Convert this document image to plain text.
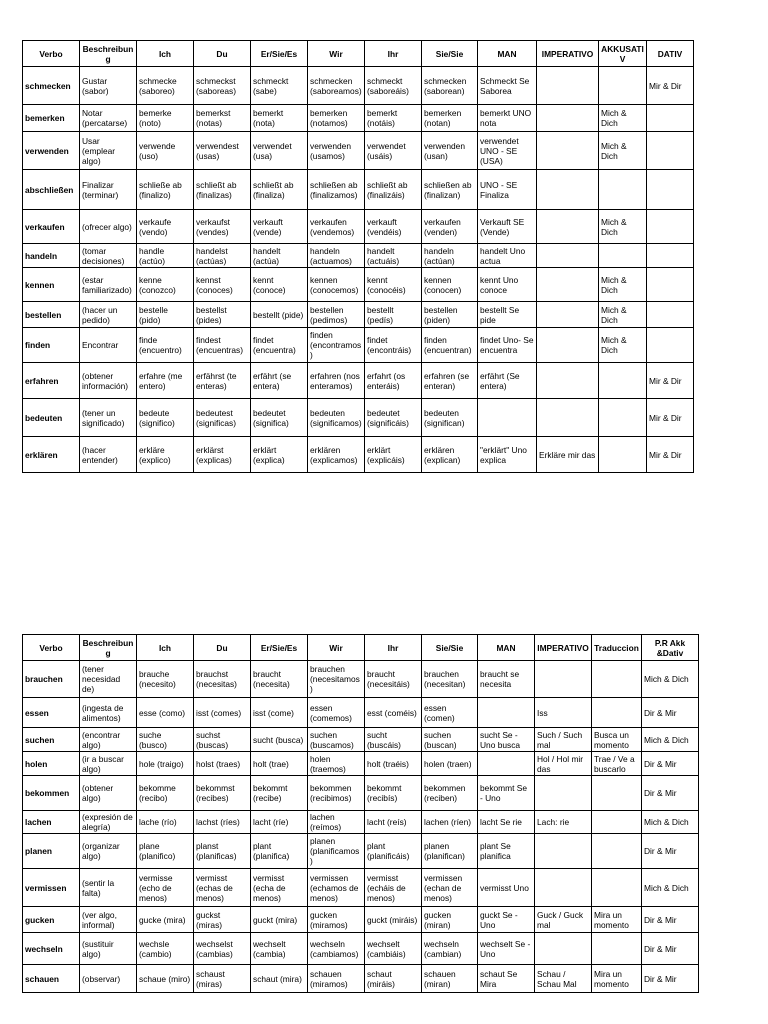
Verbo	Beschreibung	Ich	Du	Er/Sie/Es	Wir	Ihr	Sie/Sie	MAN	IMPERATIVO	AKKUSATIV	DATIV
schmecken	Gustar (sabor)	schmecke (saboreo)	schmeckst (saboreas)	schmeckt (sabe)	schmecken (saboreamos)	schmeckt (saboreáis)	schmecken (saborean)	Schmeckt Se Saborea			Mir & Dir
bemerken	Notar (percatarse)	bemerke (noto)	bemerkst (notas)	bemerkt (nota)	bemerken (notamos)	bemerkt (notáis)	bemerken (notan)	bemerkt UNO nota		Mich & Dich	
verwenden	Usar (emplear algo)	verwende (uso)	verwendest (usas)	verwendet (usa)	verwenden (usamos)	verwendet (usáis)	verwenden (usan)	verwendet UNO - SE (USA)		Mich & Dich	
abschließen	Finalizar (terminar)	schließe ab (finalizo)	schließt ab (finalizas)	schließt ab (finaliza)	schließen ab (finalizamos)	schließt ab (finalizáis)	schließen ab (finalizan)	UNO - SE Finaliza			
verkaufen	(ofrecer algo)	verkaufe (vendo)	verkaufst (vendes)	verkauft (vende)	verkaufen (vendemos)	verkauft (vendéis)	verkaufen (venden)	Verkauft SE (Vende)		Mich & Dich	
handeln	(tomar decisiones)	handle (actúo)	handelst (actúas)	handelt (actúa)	handeln (actuamos)	handelt (actuáis)	handeln (actúan)	handelt Uno actua			
kennen	(estar familiarizado)	kenne (conozco)	kennst (conoces)	kennt (conoce)	kennen (conocemos)	kennt (conocéis)	kennen (conocen)	kennt Uno conoce		Mich & Dich	
bestellen	(hacer un pedido)	bestelle (pido)	bestellst (pides)	bestellt (pide)	bestellen (pedimos)	bestellt (pedís)	bestellen (piden)	bestellt Se pide		Mich & Dich	
finden	Encontrar	finde (encuentro)	findest (encuentras)	findet (encuentra)	finden (encontramos)	findet (encontráis)	finden (encuentran)	findet Uno- Se encuentra		Mich & Dich	
erfahren	(obtener información)	erfahre (me entero)	erfährst (te enteras)	erfährt (se entera)	erfahren (nos enteramos)	erfahrt (os enteráis)	erfahren (se enteran)	erfährt (Se entera)			Mir & Dir
bedeuten	(tener un significado)	bedeute (significo)	bedeutest (significas)	bedeutet (significa)	bedeuten (significamos)	bedeutet (significáis)	bedeuten (significan)				Mir & Dir
erklären	(hacer entender)	erkläre (explico)	erklärst (explicas)	erklärt (explica)	erklären (explicamos)	erklärt (explicáis)	erklären (explican)	"erklärt" Uno explica	Erkläre mir das		Mir & Dir
Verbo	Beschreibung	Ich	Du	Er/Sie/Es	Wir	Ihr	Sie/Sie	MAN	IMPERATIVO	Traduccion	P.R Akk &Dativ
brauchen	(tener necesidad de)	brauche (necesito)	brauchst (necesitas)	braucht (necesita)	brauchen (necesitamos)	braucht (necesitáis)	brauchen (necesitan)	braucht se necesita			Mich & Dich
essen	(ingesta de alimentos)	esse (como)	isst (comes)	isst (come)	essen (comemos)	esst (coméis)	essen (comen)		Iss		Dir & Mir
suchen	(encontrar algo)	suche (busco)	suchst (buscas)	sucht (busca)	suchen (buscamos)	sucht (buscáis)	suchen (buscan)	sucht Se - Uno busca	Such / Such mal	Busca un momento	Mich & Dich
holen	(ir a buscar algo)	hole (traigo)	holst (traes)	holt (trae)	holen (traemos)	holt (traéis)	holen (traen)		Hol / Hol mir das	Trae / Ve a buscarlo	Dir & Mir
bekommen	(obtener algo)	bekomme (recibo)	bekommst (recibes)	bekommt (recibe)	bekommen (recibimos)	bekommt (recibís)	bekommen (reciben)	bekommt Se - Uno			Dir & Mir
lachen	(expresión de alegría)	lache (río)	lachst (ríes)	lacht (ríe)	lachen (reímos)	lacht (reís)	lachen (ríen)	lacht Se rie	Lach: rie		Mich & Dich
planen	(organizar algo)	plane (planifico)	planst (planificas)	plant (planifica)	planen (planificamos)	plant (planificáis)	planen (planifican)	plant Se planifica			Dir & Mir
vermissen	(sentir la falta)	vermisse (echo de menos)	vermisst (echas de menos)	vermisst (echa de menos)	vermissen (echamos de menos)	vermisst (echáis de menos)	vermissen (echan de menos)	vermisst Uno			Mich & Dich
gucken	(ver algo, informal)	gucke (mira)	guckst (miras)	guckt (mira)	gucken (miramos)	guckt (miráis)	gucken (miran)	guckt Se - Uno	Guck / Guck mal	Mira un momento	Dir & Mir
wechseln	(sustituir algo)	wechsle (cambio)	wechselst (cambias)	wechselt (cambia)	wechseln (cambiamos)	wechselt (cambiáis)	wechseln (cambian)	wechselt Se - Uno			Dir & Mir
schauen	(observar)	schaue (miro)	schaust (miras)	schaut (mira)	schauen (miramos)	schaut (miráis)	schauen (miran)	schaut Se Mira	Schau / Schau Mal	Mira un momento	Dir & Mir
